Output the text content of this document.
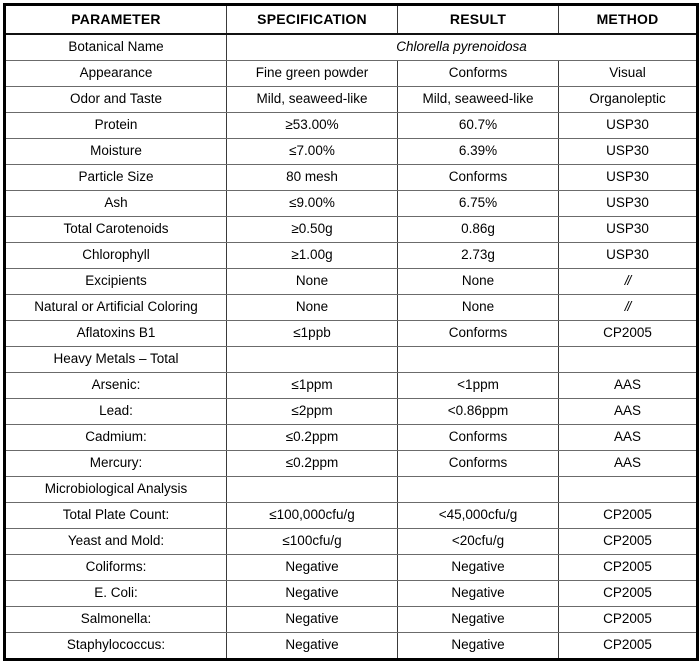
PARAMETER	SPECIFICATION	RESULT	METHOD
Botanical Name	Chlorella pyrenoidosa		
Appearance	Fine green powder	Conforms	Visual
Odor and Taste	Mild, seaweed-like	Mild, seaweed-like	Organoleptic
Protein	≥53.00%	60.7%	USP30
Moisture	≤7.00%	6.39%	USP30
Particle Size	80 mesh	Conforms	USP30
Ash	≤9.00%	6.75%	USP30
Total Carotenoids	≥0.50g	0.86g	USP30
Chlorophyll	≥1.00g	2.73g	USP30
Excipients	None	None	//
Natural or Artificial Coloring	None	None	//
Aflatoxins B1	≤1ppb	Conforms	CP2005
Heavy Metals – Total			
Arsenic:	≤1ppm	<1ppm	AAS
Lead:	≤2ppm	<0.86ppm	AAS
Cadmium:	≤0.2ppm	Conforms	AAS
Mercury:	≤0.2ppm	Conforms	AAS
Microbiological Analysis			
Total Plate Count:	≤100,000cfu/g	<45,000cfu/g	CP2005
Yeast and Mold:	≤100cfu/g	<20cfu/g	CP2005
Coliforms:	Negative	Negative	CP2005
E. Coli:	Negative	Negative	CP2005
Salmonella:	Negative	Negative	CP2005
Staphylococcus:	Negative	Negative	CP2005
